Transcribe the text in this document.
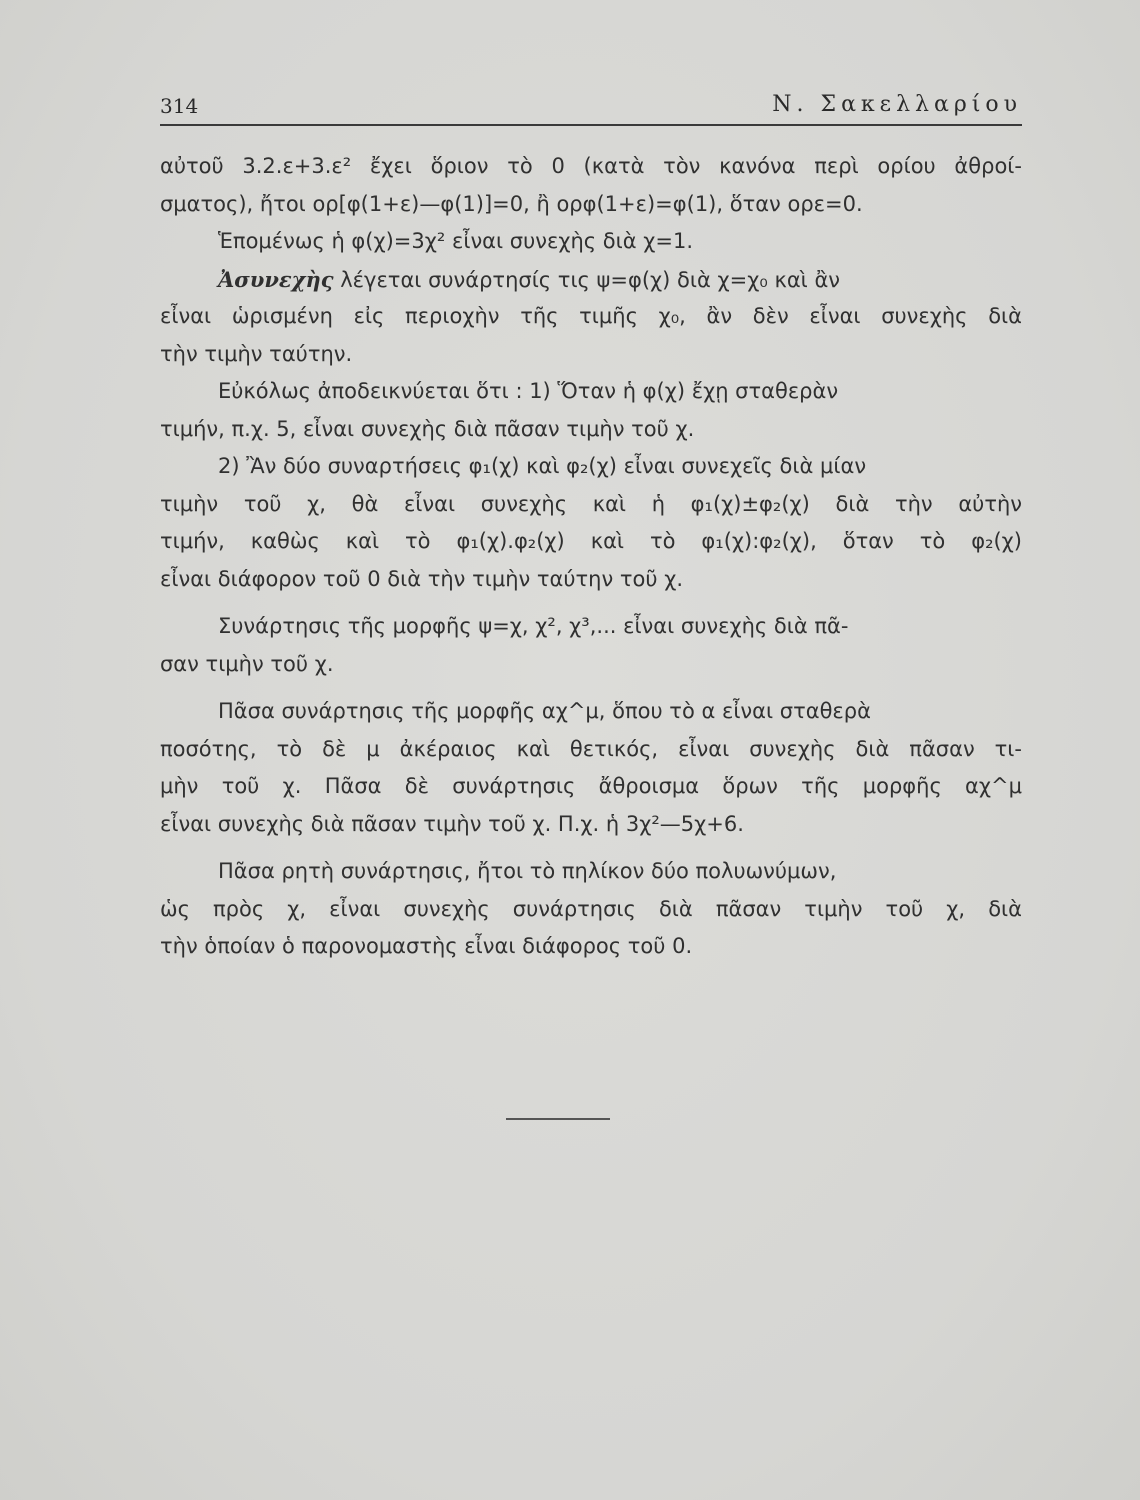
314	Ν. Σακελλαρίου
αὐτοῦ 3.2.ε+3.ε² ἔχει ὅριον τὸ 0 (κατὰ τὸν κανόνα περὶ ορίου ἀθροί-
σματος), ἤτοι ορ[φ(1+ε)—φ(1)]=0, ἢ ορφ(1+ε)=φ(1), ὅταν ορε=0.
Ἑπομένως ἡ φ(χ)=3χ² εἶναι συνεχὴς διὰ χ=1.
Ἀσυνεχὴς λέγεται συνάρτησίς τις ψ=φ(χ) διὰ χ=χ₀ καὶ ἂν
εἶναι ὡρισμένη εἰς περιοχὴν τῆς τιμῆς χ₀, ἂν δὲν εἶναι συνεχὴς διὰ
τὴν τιμὴν ταύτην.
Εὐκόλως ἀποδεικνύεται ὅτι : 1) Ὅταν ἡ φ(χ) ἔχῃ σταθερὰν
τιμήν, π.χ. 5, εἶναι συνεχὴς διὰ πᾶσαν τιμὴν τοῦ χ.
2) Ἂν δύο συναρτήσεις φ₁(χ) καὶ φ₂(χ) εἶναι συνεχεῖς διὰ μίαν
τιμὴν τοῦ χ, θὰ εἶναι συνεχὴς καὶ ἡ φ₁(χ)±φ₂(χ) διὰ τὴν αὐτὴν
τιμήν, καθὼς καὶ τὸ φ₁(χ).φ₂(χ) καὶ τὸ φ₁(χ):φ₂(χ), ὅταν τὸ φ₂(χ)
εἶναι διάφορον τοῦ 0 διὰ τὴν τιμὴν ταύτην τοῦ χ.
Συνάρτησις τῆς μορφῆς ψ=χ, χ², χ³,... εἶναι συνεχὴς διὰ πᾶ-
σαν τιμὴν τοῦ χ.
Πᾶσα συνάρτησις τῆς μορφῆς αχ^μ, ὅπου τὸ α εἶναι σταθερὰ
ποσότης, τὸ δὲ μ ἀκέραιος καὶ θετικός, εἶναι συνεχὴς διὰ πᾶσαν τι-
μὴν τοῦ χ. Πᾶσα δὲ συνάρτησις ἄθροισμα ὅρων τῆς μορφῆς αχ^μ
εἶναι συνεχὴς διὰ πᾶσαν τιμὴν τοῦ χ. Π.χ. ἡ 3χ²—5χ+6.
Πᾶσα ρητὴ συνάρτησις, ἤτοι τὸ πηλίκον δύο πολυωνύμων,
ὡς πρὸς χ, εἶναι συνεχὴς συνάρτησις διὰ πᾶσαν τιμὴν τοῦ χ, διὰ
τὴν ὁποίαν ὁ παρονομαστὴς εἶναι διάφορος τοῦ 0.
